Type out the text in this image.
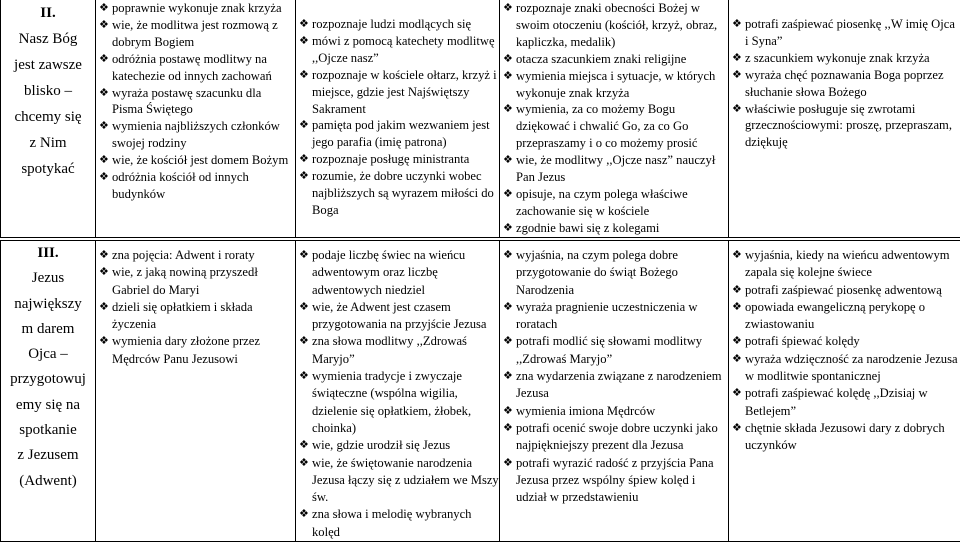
II.
Nasz Bóg
jest zawsze
blisko –
chcemy się
z Nim
spotykać

❖ poprawnie wykonuje znak krzyża
❖ wie, że modlitwa jest rozmową z dobrym Bogiem
❖ odróżnia postawę modlitwy na katechezie od innych zachowań
❖ wyraża postawę szacunku dla Pisma Świętego
❖ wymienia najbliższych członków swojej rodziny
❖ wie, że kościół jest domem Bożym
❖ odróżnia kościół od innych budynków

❖ rozpoznaje ludzi modlących się
❖ mówi z pomocą katechety modlitwę ,,Ojcze nasz”
❖ rozpoznaje w kościele ołtarz, krzyż i miejsce, gdzie jest Najświętszy Sakrament
❖ pamięta pod jakim wezwaniem jest jego parafia (imię patrona)
❖ rozpoznaje posługę ministranta
❖ rozumie, że dobre uczynki wobec najbliższych są wyrazem miłości do Boga

❖ rozpoznaje znaki obecności Bożej w swoim otoczeniu (kościół, krzyż, obraz, kapliczka, medalik)
❖ otacza szacunkiem znaki religijne
❖ wymienia miejsca i sytuacje, w których wykonuje znak krzyża
❖ wymienia, za co możemy Bogu dziękować i chwalić Go, za co Go przepraszamy i o co możemy prosić
❖ wie, że modlitwy ,,Ojcze nasz” nauczył Pan Jezus
❖ opisuje, na czym polega właściwe zachowanie się w kościele
❖ zgodnie bawi się z kolegami

❖ potrafi zaśpiewać piosenkę ,,W imię Ojca i Syna”
❖ z szacunkiem wykonuje znak krzyża
❖ wyraża chęć poznawania Boga poprzez słuchanie słowa Bożego
❖ właściwie posługuje się zwrotami grzecznościowymi: proszę, przepraszam, dziękuję
III.
Jezus
największy
m darem
Ojca –
przygotowuj
emy się na
spotkanie
z Jezusem
(Adwent)

❖ zna pojęcia: Adwent i roraty
❖ wie, z jaką nowiną przyszedł Gabriel do Maryi
❖ dzieli się opłatkiem i składa życzenia
❖ wymienia dary złożone przez Mędrców Panu Jezusowi

❖ podaje liczbę świec na wieńcu adwentowym oraz liczbę adwentowych niedziel
❖ wie, że Adwent jest czasem przygotowania na przyjście Jezusa
❖ zna słowa modlitwy ,,Zdrowaś Maryjo”
❖ wymienia tradycje i zwyczaje świąteczne (wspólna wigilia, dzielenie się opłatkiem, żłobek, choinka)
❖ wie, gdzie urodził się Jezus
❖ wie, że świętowanie narodzenia Jezusa łączy się z udziałem we Mszy św.
❖ zna słowa i melodię wybranych kolęd

❖ wyjaśnia, na czym polega dobre przygotowanie do świąt Bożego Narodzenia
❖ wyraża pragnienie uczestniczenia w roratach
❖ potrafi modlić się słowami modlitwy ,,Zdrowaś Maryjo”
❖ zna wydarzenia związane z narodzeniem Jezusa
❖ wymienia imiona Mędrców
❖ potrafi ocenić swoje dobre uczynki jako najpiękniejszy prezent dla Jezusa
❖ potrafi wyrazić radość z przyjścia Pana Jezusa przez wspólny śpiew kolęd i udział w przedstawieniu

❖ wyjaśnia, kiedy na wieńcu adwentowym zapala się kolejne świece
❖ potrafi zaśpiewać piosenkę adwentową
❖ opowiada ewangeliczną perykopę o zwiastowaniu
❖ potrafi śpiewać kolędy
❖ wyraża wdzięczność za narodzenie Jezusa w modlitwie spontanicznej
❖ potrafi zaśpiewać kolędę ,,Dzisiaj w Betlejem”
❖ chętnie składa Jezusowi dary z dobrych uczynków
